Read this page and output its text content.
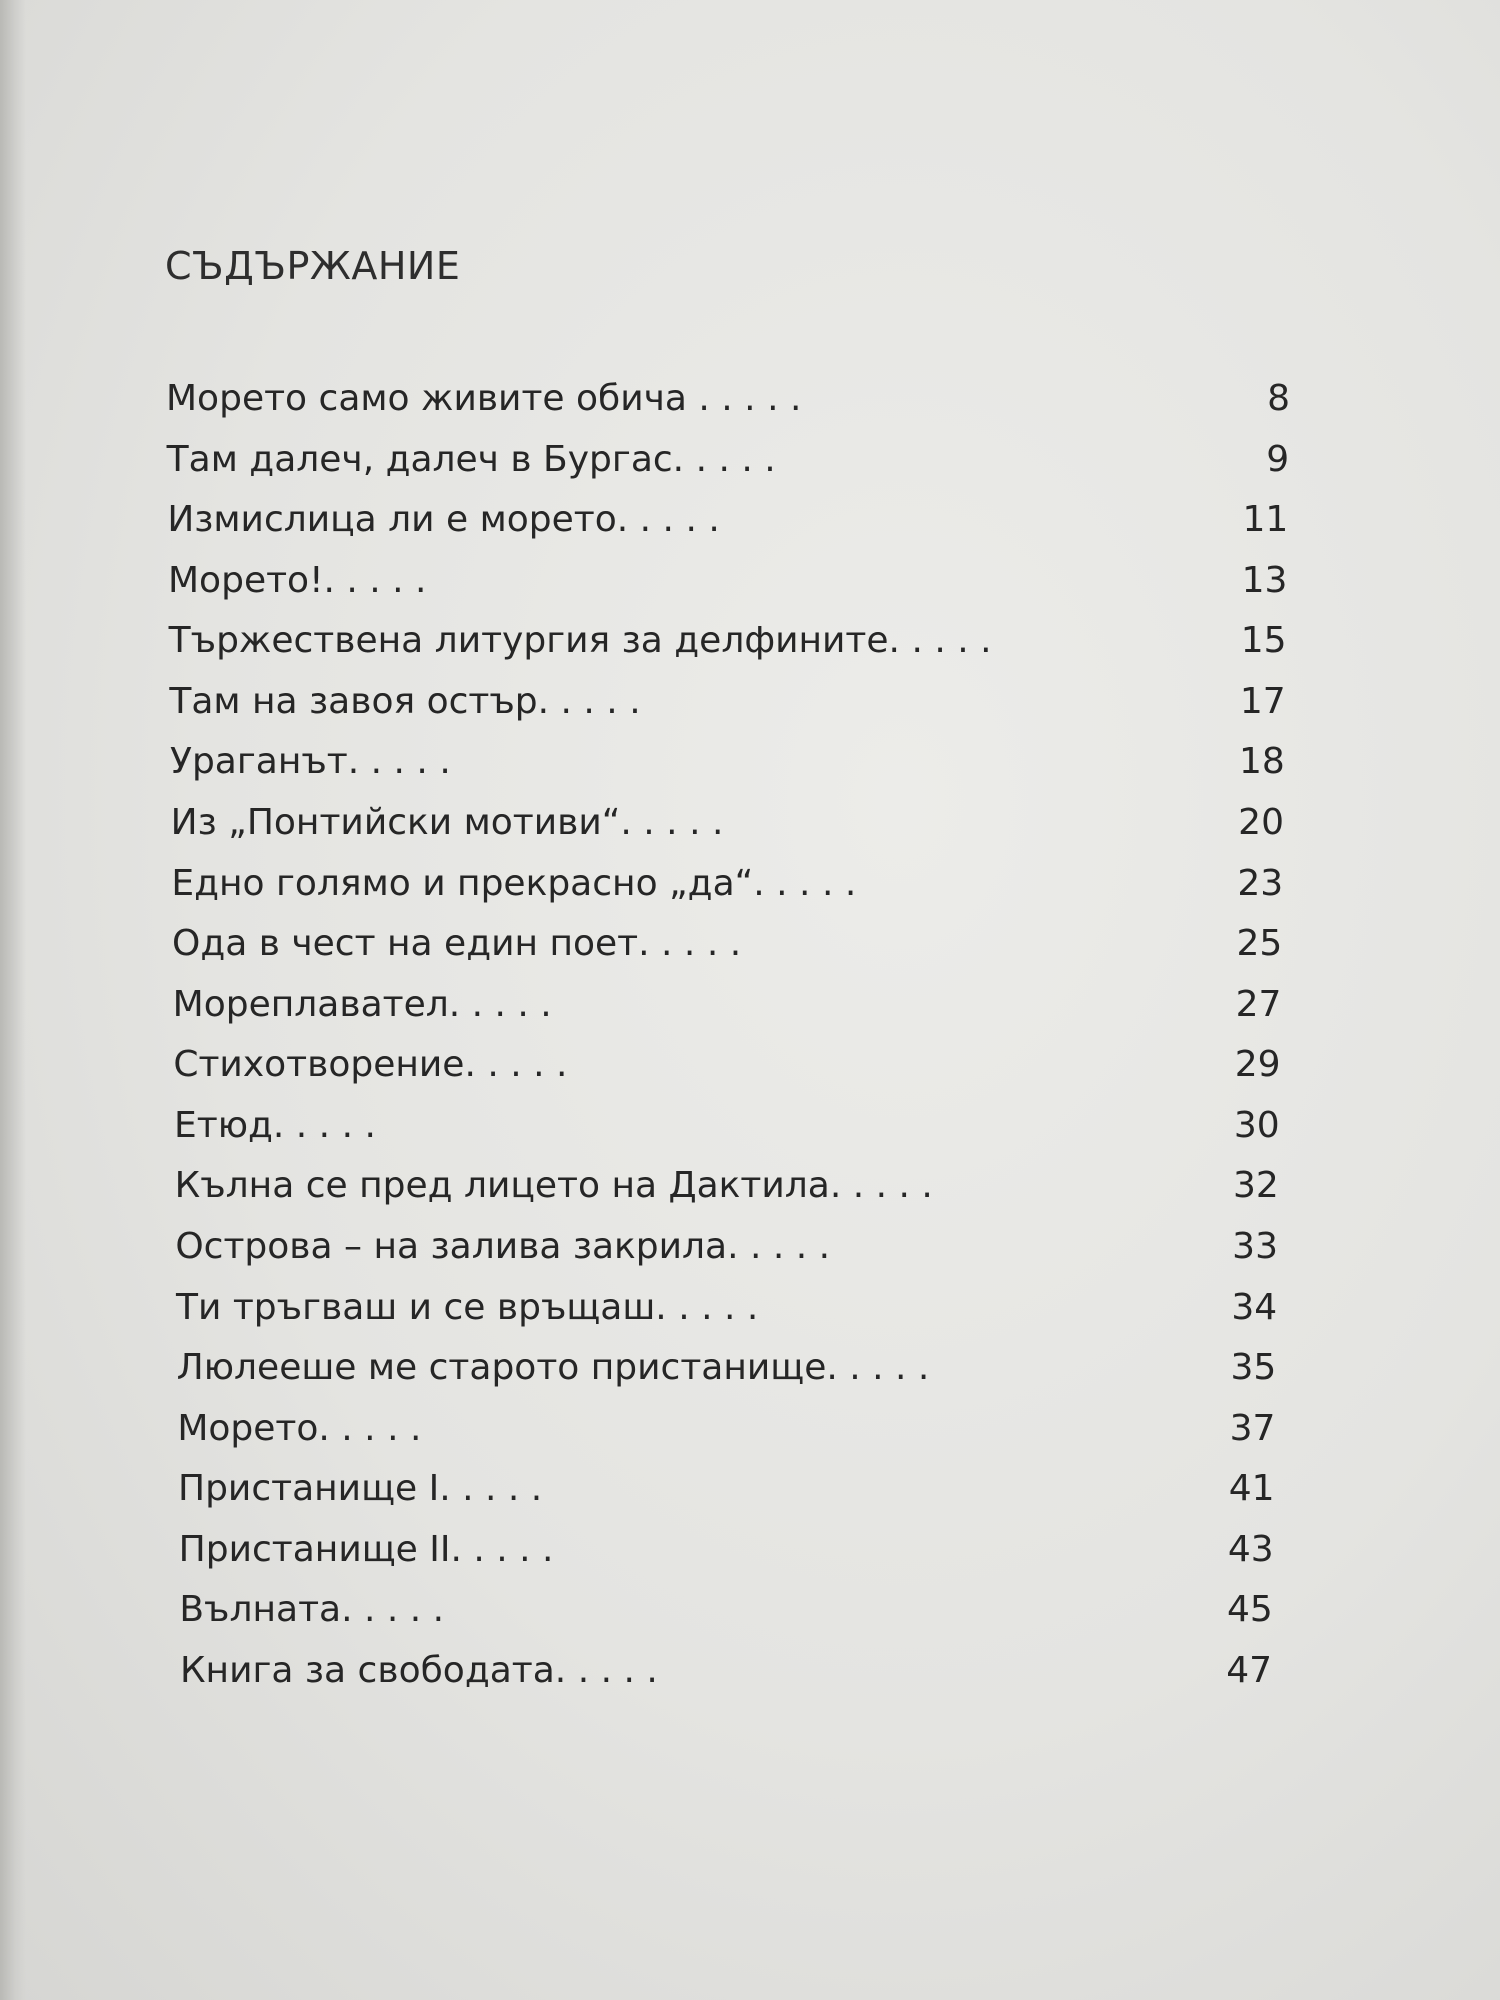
СЪДЪРЖАНИЕ
Морето само живите обича . . . . .	8
Там далеч, далеч в Бургас. . . . .	9
Измислица ли е морето. . . . .	11
Морето!. . . . .	13
Тържествена литургия за делфините. . . . .	15
Там на завоя остър. . . . .	17
Ураганът. . . . .	18
Из „Понтийски мотиви“. . . . .	20
Едно голямо и прекрасно „да“. . . . .	23
Ода в чест на един поет. . . . .	25
Мореплавател. . . . .	27
Стихотворение. . . . .	29
Етюд. . . . .	30
Кълна се пред лицето на Дактила. . . . .	32
Острова – на залива закрила. . . . .	33
Ти тръгваш и се връщаш. . . . .	34
Люлееше ме старото пристанище. . . . .	35
Морето. . . . .	37
Пристанище I. . . . .	41
Пристанище II. . . . .	43
Вълната. . . . .	45
Книга за свободата. . . . .	47
